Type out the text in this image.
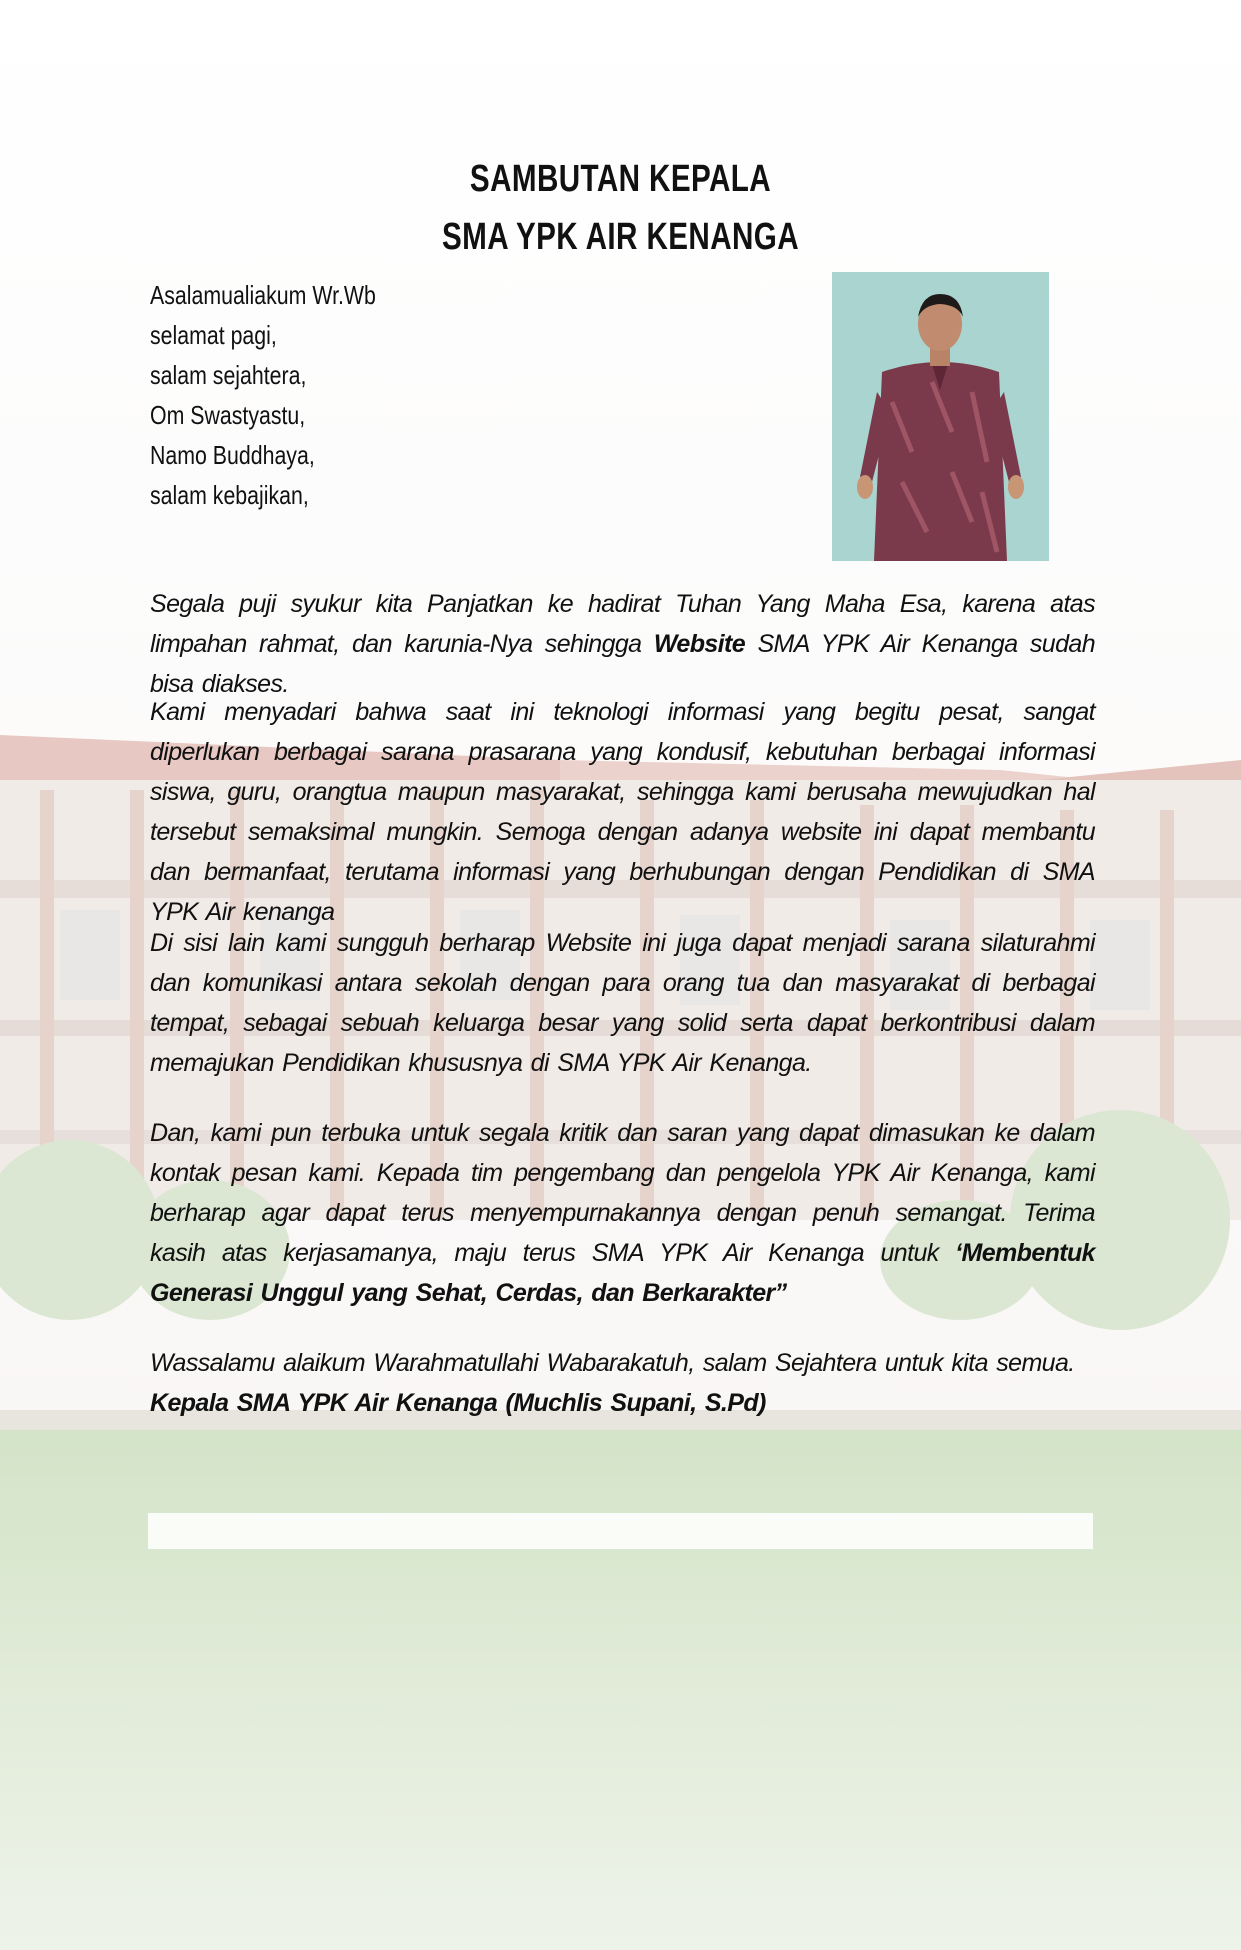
SAMBUTAN KEPALA
SMA YPK AIR KENANGA
Asalamualiakum Wr.Wb
selamat pagi,
salam sejahtera,
Om Swastyastu,
Namo Buddhaya,
salam kebajikan,
Segala puji syukur kita Panjatkan ke hadirat Tuhan Yang Maha Esa, karena atas limpahan rahmat, dan karunia-Nya sehingga Website SMA YPK Air Kenanga sudah bisa diakses.
Kami menyadari bahwa saat ini teknologi informasi yang begitu pesat, sangat diperlukan berbagai sarana prasarana yang kondusif, kebutuhan berbagai informasi siswa, guru, orangtua maupun masyarakat, sehingga kami berusaha mewujudkan hal tersebut semaksimal mungkin. Semoga dengan adanya website ini dapat membantu dan bermanfaat, terutama informasi yang berhubungan dengan Pendidikan di SMA YPK Air kenanga
Di sisi lain kami sungguh berharap Website ini juga dapat menjadi sarana silaturahmi dan komunikasi antara sekolah dengan para orang tua dan masyarakat di berbagai tempat, sebagai sebuah keluarga besar yang solid serta dapat berkontribusi dalam memajukan Pendidikan khususnya di SMA YPK Air Kenanga.
Dan, kami pun terbuka untuk segala kritik dan saran yang dapat dimasukan ke dalam kontak pesan kami. Kepada tim pengembang dan pengelola YPK Air Kenanga, kami berharap agar dapat terus menyempurnakannya dengan penuh semangat. Terima kasih atas kerjasamanya, maju terus SMA YPK Air Kenanga untuk ‘Membentuk Generasi Unggul yang Sehat, Cerdas, dan Berkarakter”
Wassalamu alaikum Warahmatullahi Wabarakatuh, salam Sejahtera untuk kita semua.
Kepala SMA YPK Air Kenanga (Muchlis Supani, S.Pd)
